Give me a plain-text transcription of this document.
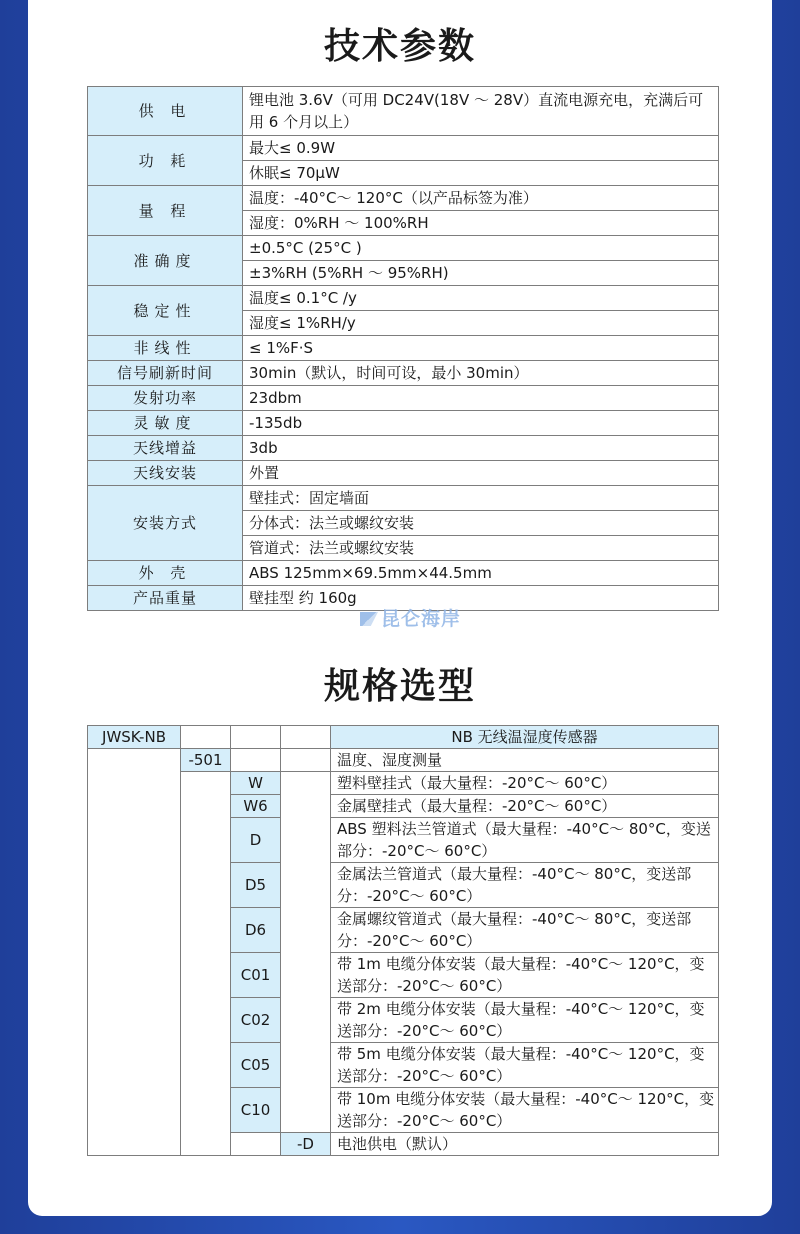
技术参数
供 电	锂电池 3.6V（可用 DC24V(18V ～ 28V）直流电源充电，充满后可用 6 个月以上）
功 耗	最大≤ 0.9W
	休眠≤ 70μW
量 程	温度：-40°C～ 120°C（以产品标签为准）
	湿度：0%RH ～ 100%RH
准确度	±0.5°C (25°C )
	±3%RH (5%RH ～ 95%RH)
稳定性	温度≤ 0.1°C /y
	湿度≤ 1%RH/y
非线性	≤ 1%F·S
信号刷新时间	30min（默认，时间可设，最小 30min）
发射功率	23dbm
灵敏度	-135db
天线增益	3db
天线安装	外置
安装方式	壁挂式：固定墙面
	分体式：法兰或螺纹安装
	管道式：法兰或螺纹安装
外 壳	ABS 125mm×69.5mm×44.5mm
产品重量	壁挂型 约 160g
昆仑海岸
规格选型
JWSK-NB				NB 无线温湿度传感器
	-501			温度、湿度测量
		W		塑料壁挂式（最大量程：-20°C～ 60°C）
		W6		金属壁挂式（最大量程：-20°C～ 60°C）
		D		ABS 塑料法兰管道式（最大量程：-40°C～ 80°C，变送部分：-20°C～ 60°C）
		D5		金属法兰管道式（最大量程：-40°C～ 80°C，变送部分：-20°C～ 60°C）
		D6		金属螺纹管道式（最大量程：-40°C～ 80°C，变送部分：-20°C～ 60°C）
		C01		带 1m 电缆分体安装（最大量程：-40°C～ 120°C，变送部分：-20°C～ 60°C）
		C02		带 2m 电缆分体安装（最大量程：-40°C～ 120°C，变送部分：-20°C～ 60°C）
		C05		带 5m 电缆分体安装（最大量程：-40°C～ 120°C，变送部分：-20°C～ 60°C）
		C10		带 10m 电缆分体安装（最大量程：-40°C～ 120°C，变送部分：-20°C～ 60°C）
			-D	电池供电（默认）
